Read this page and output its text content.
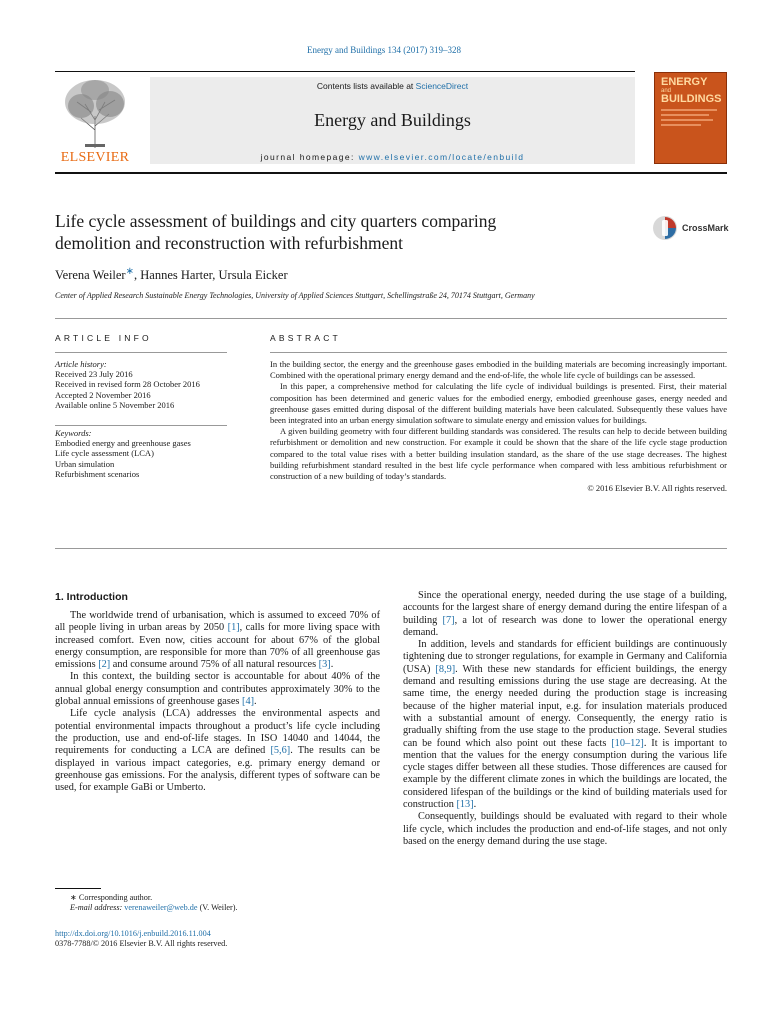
Energy and Buildings 134 (2017) 319–328
ELSEVIER
Contents lists available at ScienceDirect
Energy and Buildings
journal homepage: www.elsevier.com/locate/enbuild
ENERGY
and
BUILDINGS
Life cycle assessment of buildings and city quarters comparing
demolition and reconstruction with refurbishment
CrossMark
Verena Weiler∗, Hannes Harter, Ursula Eicker
Center of Applied Research Sustainable Energy Technologies, University of Applied Sciences Stuttgart, Schellingstraße 24, 70174 Stuttgart, Germany
ARTICLE INFO	ABSTRACT
Article history:
Received 23 July 2016
Received in revised form 28 October 2016
Accepted 2 November 2016
Available online 5 November 2016
Keywords:
Embodied energy and greenhouse gases
Life cycle assessment (LCA)
Urban simulation
Refurbishment scenarios

In the building sector, the energy and the greenhouse gases embodied in the building materials are becoming increasingly important. Combined with the operational primary energy demand and the end-of-life, the whole life cycle of buildings can be assessed.

In this paper, a comprehensive method for calculating the life cycle of individual buildings is presented. First, their material composition has been determined and generic values for the embodied energy, embodied greenhouse gases, energy needed and greenhouse gases emitted during disposal of the different building materials have been calculated. Subsequently these values have been integrated into an urban energy simulation software to simulate energy and emission values for buildings.

A given building geometry with four different building standards was considered. The results can help to decide between building refurbishment or demolition and new construction. For example it could be shown that the share of the life cycle stage production compared to the total value rises with a better building insulation standard, as the share of the use stage decreases. The highest building refurbishment standard resulted in the best life cycle performance when compared with less ambitious refurbishment or construction of a new building of today’s standards.

© 2016 Elsevier B.V. All rights reserved.

1. Introduction

The worldwide trend of urbanisation, which is assumed to exceed 70% of all people living in urban areas by 2050 [1], calls for more living space with increased comfort. Even now, cities account for about 67% of the global energy consumption, are responsible for more than 70% of all greenhouse gas emissions [2] and consume around 75% of all natural resources [3].

In this context, the building sector is accountable for about 40% of the annual global energy consumption and contributes approximately 30% to the global annual emissions of greenhouse gases [4].

Life cycle analysis (LCA) addresses the environmental aspects and potential environmental impacts throughout a product’s life cycle including the production, use and end-of-life stages. In ISO 14040 and 14044, the requirements for conducting a LCA are defined [5,6]. The results can be displayed in various impact categories, e.g. primary energy demand or greenhouse gas emissions. For the analysis, different types of software can be used, for example GaBi or Umberto.

Since the operational energy, needed during the use stage of a building, accounts for the largest share of energy demand during the entire lifespan of a building [7], a lot of research was done to lower the operational energy demand.

In addition, levels and standards for efficient buildings are continuously tightening due to stronger regulations, for example in Germany and California (USA) [8,9]. With these new standards for efficient buildings, the energy demand and resulting emissions during the use stage are decreasing. At the same time, the energy needed during the production stage is increasing because of the higher material input, e.g. for insulation materials produced with a substantial amount of energy. Consequently, the energy ratio is gradually shifting from the use stage to the production stage. Several studies can be found which also point out these facts [10–12]. It is important to mention that the values for the energy consumption during the various life cycle stages differ between all these studies. Those differences are caused for example by the different climate zones in which the buildings are located, the considered lifespan of the buildings or the kind of building materials used for construction [13].

Consequently, buildings should be evaluated with regard to their whole life cycle, which includes the production and end-of-life stages, and not only based on the energy demand during the use stage.

∗ Corresponding author.
E-mail address: verenaweiler@web.de (V. Weiler).
http://dx.doi.org/10.1016/j.enbuild.2016.11.004
0378-7788/© 2016 Elsevier B.V. All rights reserved.
